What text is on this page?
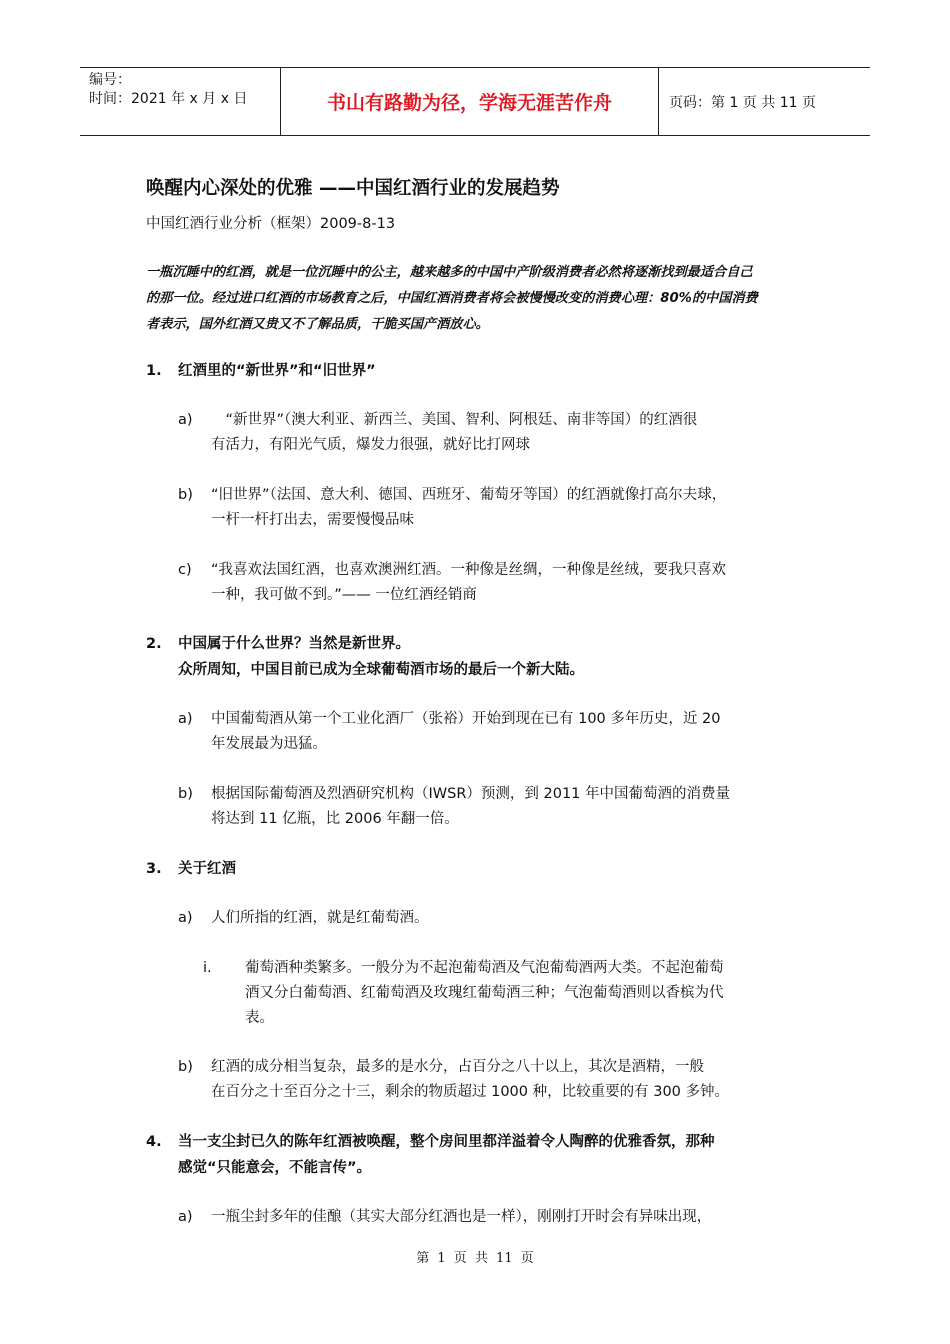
编号：
时间：2021 年 x 月 x 日	书山有路勤为径，学海无涯苦作舟	页码：第 1 页 共 11 页
唤醒内心深处的优雅 ——中国红酒行业的发展趋势
中国红酒行业分析（框架）2009-8-13
一瓶沉睡中的红酒，就是一位沉睡中的公主，越来越多的中国中产阶级消费者必然将逐渐找到最适合自己
的那一位。经过进口红酒的市场教育之后，中国红酒消费者将会被慢慢改变的消费心理：80%的中国消费
者表示，国外红酒又贵又不了解品质，干脆买国产酒放心。
1. 红酒里的“新世界”和“旧世界”
a) 　“新世界”（澳大利亚、新西兰、美国、智利、阿根廷、南非等国）的红酒很
有活力，有阳光气质，爆发力很强，就好比打网球
b) “旧世界”（法国、意大利、德国、西班牙、葡萄牙等国）的红酒就像打高尔夫球，
一杆一杆打出去，需要慢慢品味
c) “我喜欢法国红酒，也喜欢澳洲红酒。一种像是丝绸，一种像是丝绒，要我只喜欢
一种，我可做不到。”—— 一位红酒经销商
2. 中国属于什么世界？当然是新世界。
众所周知，中国目前已成为全球葡萄酒市场的最后一个新大陆。
a) 中国葡萄酒从第一个工业化酒厂（张裕）开始到现在已有 100 多年历史，近 20
年发展最为迅猛。
b) 根据国际葡萄酒及烈酒研究机构（IWSR）预测，到 2011 年中国葡萄酒的消费量
将达到 11 亿瓶，比 2006 年翻一倍。
3. 关于红酒
a) 人们所指的红酒，就是红葡萄酒。
i. 葡萄酒种类繁多。一般分为不起泡葡萄酒及气泡葡萄酒两大类。不起泡葡萄
酒又分白葡萄酒、红葡萄酒及玫瑰红葡萄酒三种；气泡葡萄酒则以香槟为代
表。
b) 红酒的成分相当复杂，最多的是水分，占百分之八十以上，其次是酒精，一般
在百分之十至百分之十三，剩余的物质超过 1000 种，比较重要的有 300 多钟。
4. 当一支尘封已久的陈年红酒被唤醒，整个房间里都洋溢着令人陶醉的优雅香氛，那种
感觉“只能意会，不能言传”。
a) 一瓶尘封多年的佳酿（其实大部分红酒也是一样），刚刚打开时会有异味出现，
第 1 页 共 11 页
